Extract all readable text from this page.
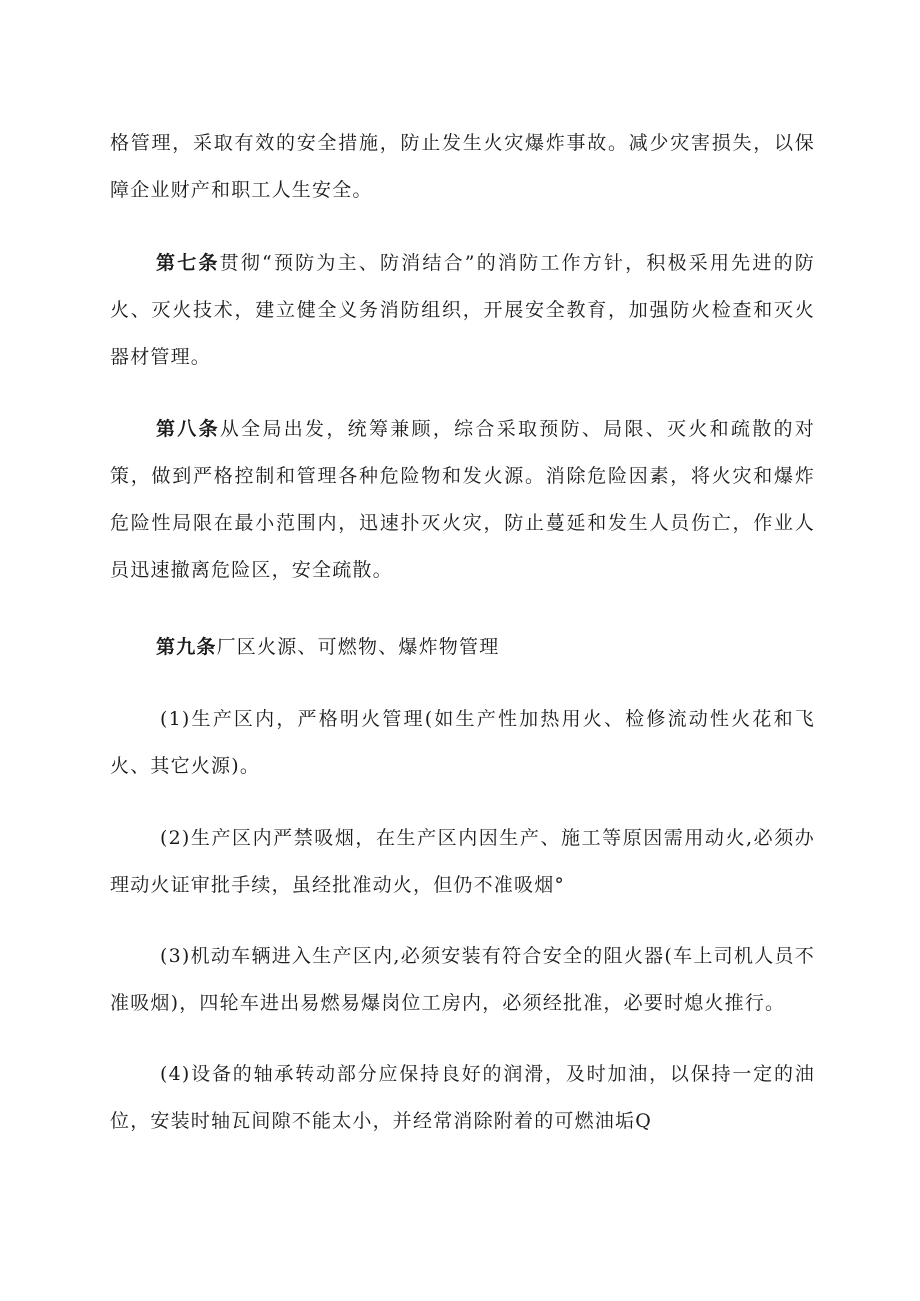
格管理，采取有效的安全措施，防止发生火灾爆炸事故。减少灾害损失，以保障企业财产和职工人生安全。

第七条贯彻“预防为主、防消结合”的消防工作方针，积极采用先进的防火、灭火技术，建立健全义务消防组织，开展安全教育，加强防火检查和灭火器材管理。

第八条从全局出发，统筹兼顾，综合采取预防、局限、灭火和疏散的对策，做到严格控制和管理各种危险物和发火源。消除危险因素，将火灾和爆炸危险性局限在最小范围内，迅速扑灭火灾，防止蔓延和发生人员伤亡，作业人员迅速撤离危险区，安全疏散。

第九条厂区火源、可燃物、爆炸物管理

(1)生产区内，严格明火管理(如生产性加热用火、检修流动性火花和飞火、其它火源)。

(2)生产区内严禁吸烟，在生产区内因生产、施工等原因需用动火,必须办理动火证审批手续，虽经批准动火，但仍不准吸烟°

(3)机动车辆进入生产区内,必须安装有符合安全的阻火器(车上司机人员不准吸烟)，四轮车进出易燃易爆岗位工房内，必须经批准，必要时熄火推行。

(4)设备的轴承转动部分应保持良好的润滑，及时加油，以保持一定的油位，安装时轴瓦间隙不能太小，并经常消除附着的可燃油垢Q
